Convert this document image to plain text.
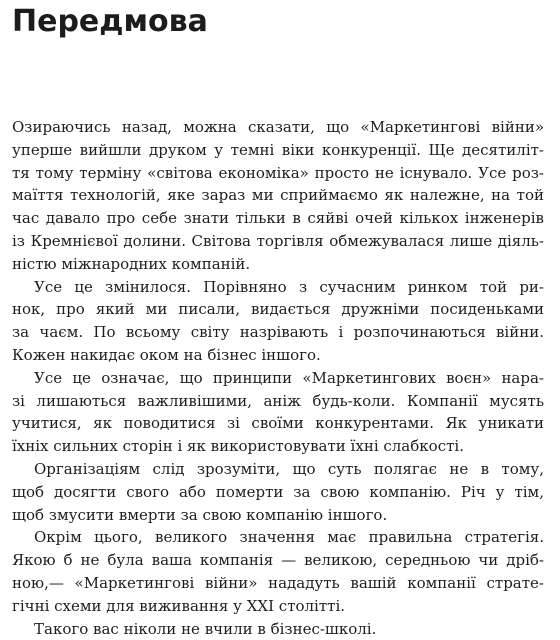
Передмова
Озираючись назад, можна сказати, що «Маркетингові війни»
уперше вийшли друком у темні віки конкуренції. Ще десятиліт-
тя тому терміну «світова економіка» просто не існувало. Усе роз-
маїття технологій, яке зараз ми сприймаємо як належне, на той
час давало про себе знати тільки в сяйві очей кількох інженерів
із Кремнієвої долини. Світова торгівля обмежувалася лише діяль-
ністю міжнародних компаній.
Усе це змінилося. Порівняно з сучасним ринком той ри-
нок, про який ми писали, видається дружніми посиденьками
за чаєм. По всьому світу назрівають і розпочинаються війни.
Кожен накидає оком на бізнес іншого.
Усе це означає, що принципи «Маркетингових воєн» нара-
зі лишаються важливішими, аніж будь-коли. Компанії мусять
учитися, як поводитися зі своїми конкурентами. Як уникати
їхніх сильних сторін і як використовувати їхні слабкості.
Організаціям слід зрозуміти, що суть полягає не в тому,
щоб досягти свого або померти за свою компанію. Річ у тім,
щоб змусити вмерти за свою компанію іншого.
Окрім цього, великого значення має правильна стратегія.
Якою б не була ваша компанія — великою, середньою чи дріб-
ною,— «Маркетингові війни» нададуть вашій компанії страте-
гічні схеми для виживання у XXI столітті.
Такого вас ніколи не вчили в бізнес-школі.
